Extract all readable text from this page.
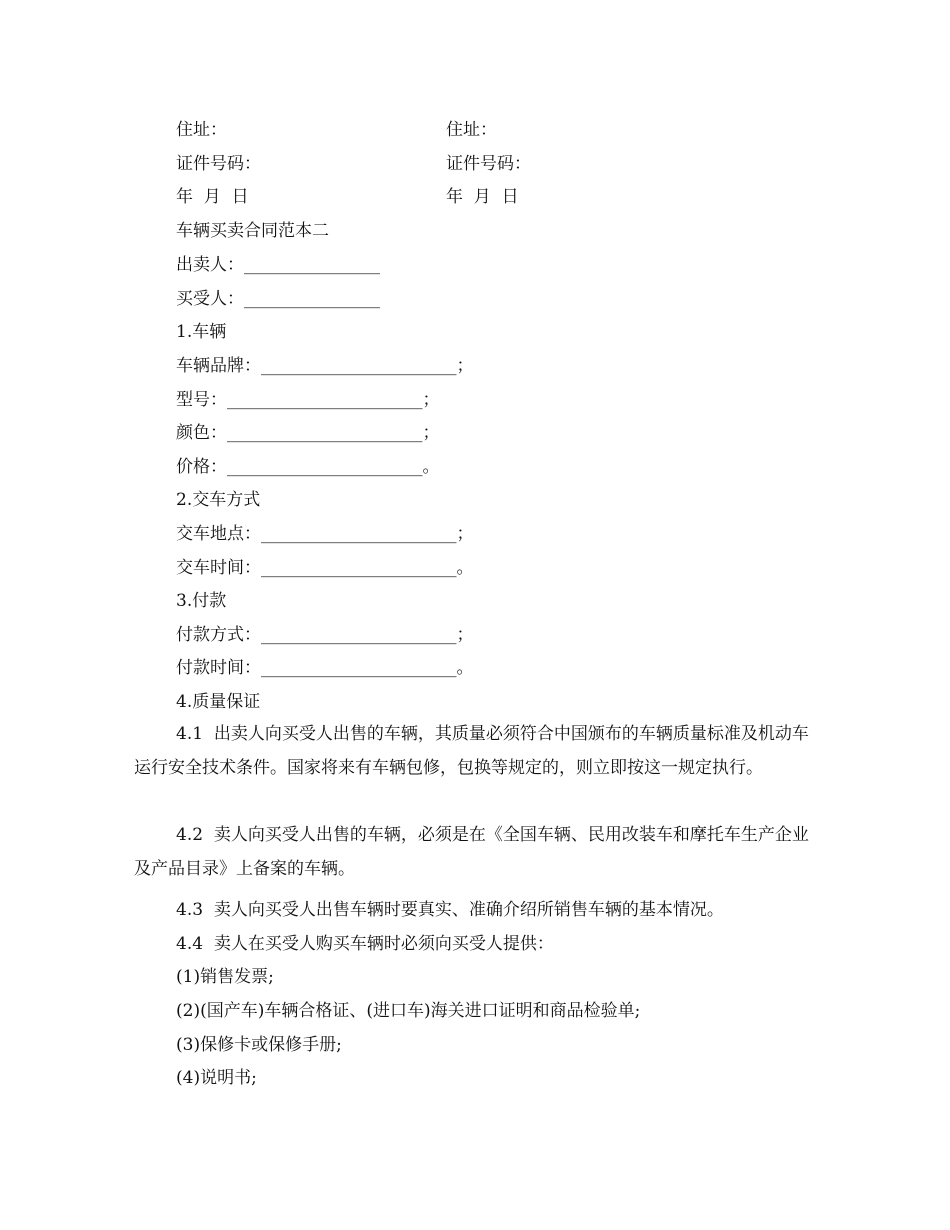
住址：	住址：
证件号码：	证件号码：
年  月  日	年  月  日
车辆买卖合同范本二
出卖人：________________
买受人：________________
1.车辆
车辆品牌：_______________________；
型号：_______________________；
颜色：_______________________；
价格：_______________________。
2.交车方式
交车地点：_______________________；
交车时间：_______________________。
3.付款
付款方式：_______________________；
付款时间：_______________________。
4.质量保证
4.1  出卖人向买受人出售的车辆，其质量必须符合中国颁布的车辆质量标准及机动车运行安全技术条件。国家将来有车辆包修，包换等规定的，则立即按这一规定执行。
4.2  卖人向买受人出售的车辆，必须是在《全国车辆、民用改装车和摩托车生产企业及产品目录》上备案的车辆。
4.3  卖人向买受人出售车辆时要真实、准确介绍所销售车辆的基本情况。
4.4  卖人在买受人购买车辆时必须向买受人提供：
(1)销售发票;
(2)(国产车)车辆合格证、(进口车)海关进口证明和商品检验单;
(3)保修卡或保修手册;
(4)说明书;
